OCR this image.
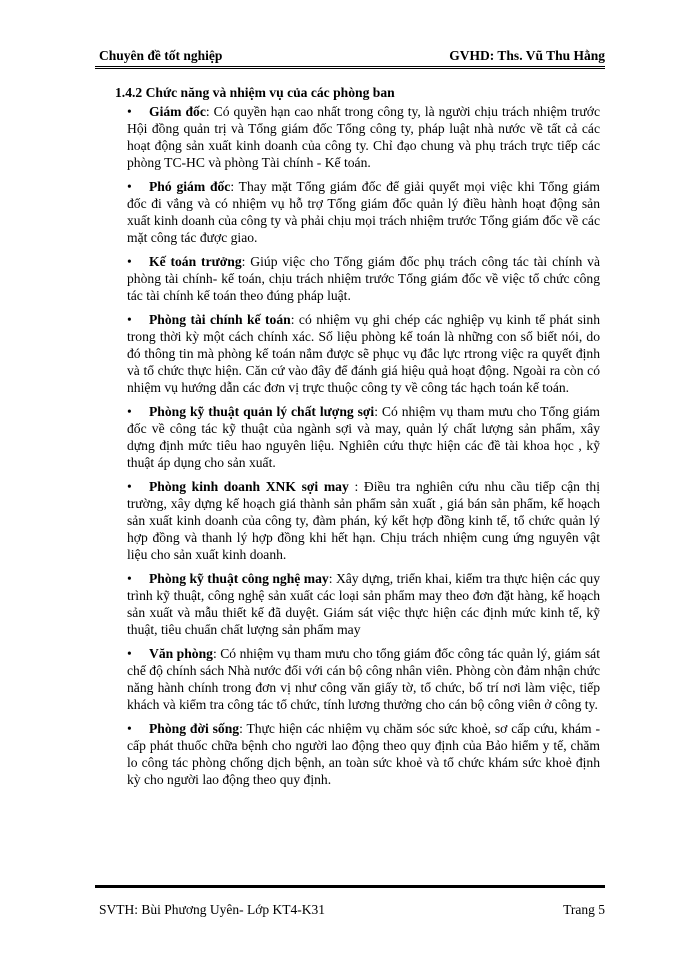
Chuyên đề tốt nghiệp	GVHD: Ths. Vũ Thu Hằng
1.4.2 Chức năng và nhiệm vụ của các phòng ban
• Giám đốc: Có quyền hạn cao nhất trong công ty, là người chịu trách nhiệm trước Hội đồng quản trị và Tổng giám đốc Tổng công ty, pháp luật nhà nước về tất cả các hoạt động sản xuất kinh doanh của công ty. Chỉ đạo chung và phụ trách trực tiếp các phòng TC-HC và phòng Tài chính - Kế toán.
• Phó giám đốc: Thay mặt Tổng giám đốc để giải quyết mọi việc khi Tổng giám đốc đi vắng và có nhiệm vụ hỗ trợ Tổng giám đốc quản lý điều hành hoạt động sản xuất kinh doanh của công ty và phải chịu mọi trách nhiệm trước Tổng giám đốc về các mặt công tác được giao.
• Kế toán trưởng: Giúp việc cho Tổng giám đốc phụ trách công tác tài chính và phòng tài chính- kế toán, chịu trách nhiệm trước Tổng giám đốc về việc tổ chức công tác tài chính kế toán theo đúng pháp luật.
• Phòng tài chính kế toán: có nhiệm vụ ghi chép các nghiệp vụ kinh tế phát sinh trong thời kỳ một cách chính xác. Số liệu phòng kế toán là những con số biết nói, do đó thông tin mà phòng kế toán nắm được sẽ phục vụ đắc lực rtrong việc ra quyết định và tổ chức thực hiện. Căn cứ vào đây để đánh giá hiệu quả hoạt động. Ngoài ra còn có nhiệm vụ hướng dẫn các đơn vị trực thuộc công ty về công tác hạch toán kế toán.
• Phòng kỹ thuật quản lý chất lượng sợi: Có nhiệm vụ tham mưu cho Tổng giám đốc về công tác kỹ thuật của ngành sợi và may, quản lý chất lượng sản phẩm, xây dựng định mức tiêu hao nguyên liệu. Nghiên cứu thực hiện các đề tài khoa học , kỹ thuật áp dụng cho sản xuất.
• Phòng kinh doanh XNK sợi may : Điều tra nghiên cứu nhu cầu tiếp cận thị trường, xây dựng kế hoạch giá thành sản phẩm sản xuất , giá bán sản phẩm, kế hoạch sản xuất kinh doanh của công ty, đàm phán, ký kết hợp đồng kinh tế, tổ chức quản lý hợp đồng và thanh lý hợp đồng khi hết hạn. Chịu trách nhiệm cung ứng nguyên vật liệu cho sản xuất kinh doanh.
• Phòng kỹ thuật công nghệ may: Xây dựng, triển khai, kiểm tra thực hiện các quy trình kỹ thuật, công nghệ sản xuất các loại sản phẩm may theo đơn đặt hàng, kế hoạch sản xuất và mẫu thiết kế đã duyệt. Giám sát việc thực hiện các định mức kinh tế, kỹ thuật, tiêu chuẩn chất lượng sản phẩm may
• Văn phòng: Có nhiệm vụ tham mưu cho tổng giám đốc công tác quản lý, giám sát chế độ chính sách Nhà nước đối với cán bộ công nhân viên. Phòng còn đảm nhận chức năng hành chính trong đơn vị như công văn giấy tờ, tổ chức, bố trí nơi làm việc, tiếp khách và kiểm tra công tác tổ chức, tính lương thưởng cho cán bộ công viên ở công ty.
• Phòng đời sống: Thực hiện các nhiệm vụ chăm sóc sức khoẻ, sơ cấp cứu, khám - cấp phát thuốc chữa bệnh cho người lao động theo quy định của Bảo hiểm y tế, chăm lo công tác phòng chống dịch bệnh, an toàn sức khoẻ và tổ chức khám sức khoẻ định kỳ cho người lao động theo quy định.
SVTH: Bùi Phương Uyên- Lớp KT4-K31	Trang 5
